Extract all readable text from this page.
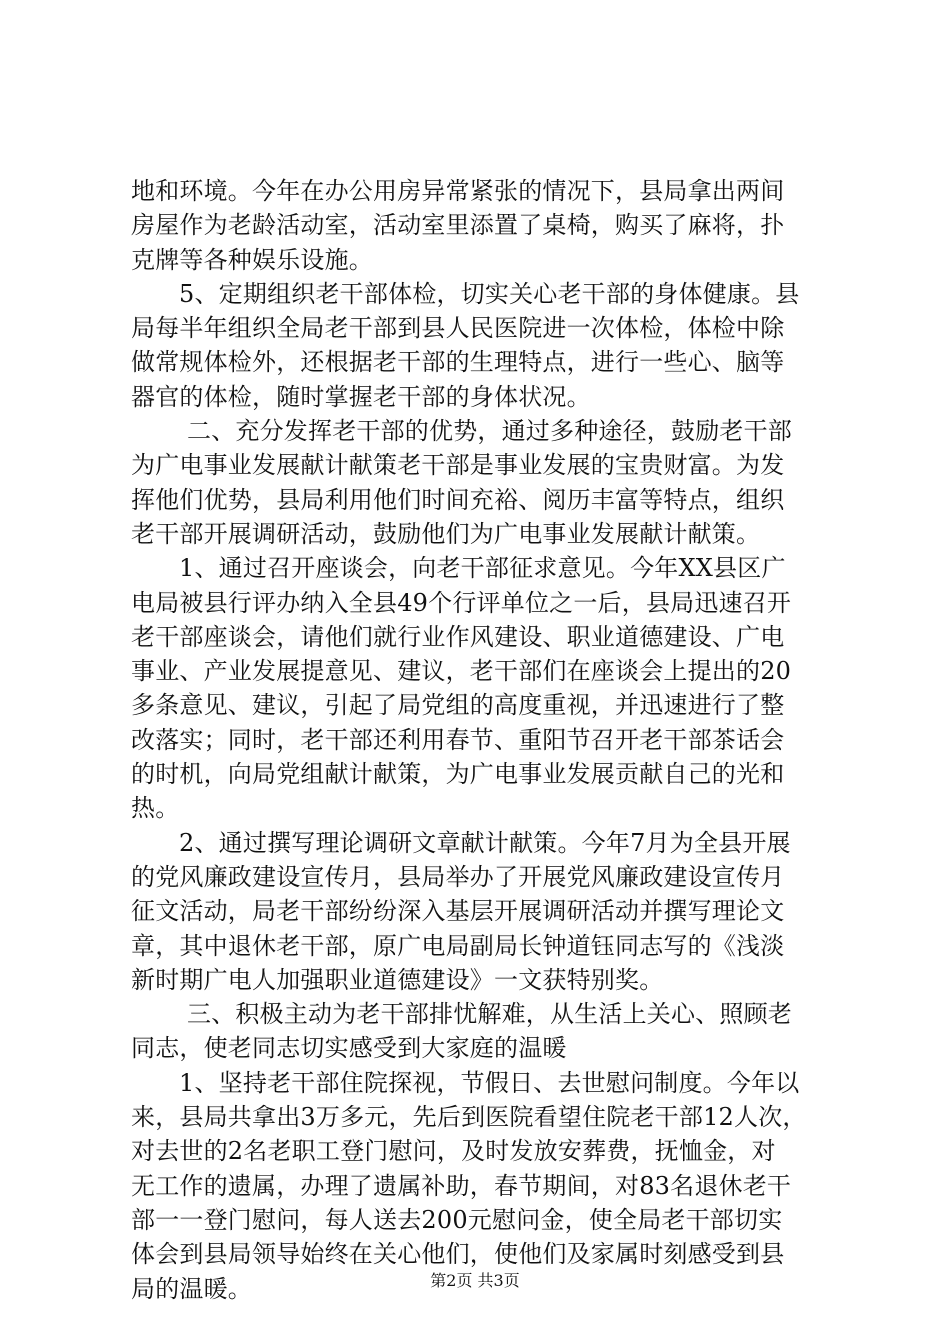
地和环境。今年在办公用房异常紧张的情况下，县局拿出两间
房屋作为老龄活动室，活动室里添置了桌椅，购买了麻将，扑
克牌等各种娱乐设施。
5、定期组织老干部体检，切实关心老干部的身体健康。县
局每半年组织全局老干部到县人民医院进一次体检，体检中除
做常规体检外，还根据老干部的生理特点，进行一些心、脑等
器官的体检，随时掌握老干部的身体状况。
二、充分发挥老干部的优势，通过多种途径，鼓励老干部
为广电事业发展献计献策老干部是事业发展的宝贵财富。为发
挥他们优势，县局利用他们时间充裕、阅历丰富等特点，组织
老干部开展调研活动，鼓励他们为广电事业发展献计献策。
1、通过召开座谈会，向老干部征求意见。今年XX县区广
电局被县行评办纳入全县49个行评单位之一后，县局迅速召开
老干部座谈会，请他们就行业作风建设、职业道德建设、广电
事业、产业发展提意见、建议，老干部们在座谈会上提出的20
多条意见、建议，引起了局党组的高度重视，并迅速进行了整
改落实；同时，老干部还利用春节、重阳节召开老干部茶话会
的时机，向局党组献计献策，为广电事业发展贡献自己的光和
热。
2、通过撰写理论调研文章献计献策。今年7月为全县开展
的党风廉政建设宣传月，县局举办了开展党风廉政建设宣传月
征文活动，局老干部纷纷深入基层开展调研活动并撰写理论文
章，其中退休老干部，原广电局副局长钟道钰同志写的《浅淡
新时期广电人加强职业道德建设》一文获特别奖。
三、积极主动为老干部排忧解难，从生活上关心、照顾老
同志，使老同志切实感受到大家庭的温暖
1、坚持老干部住院探视，节假日、去世慰问制度。今年以
来，县局共拿出3万多元，先后到医院看望住院老干部12人次，
对去世的2名老职工登门慰问，及时发放安葬费，抚恤金，对
无工作的遗属，办理了遗属补助，春节期间，对83名退休老干
部一一登门慰问，每人送去200元慰问金，使全局老干部切实
体会到县局领导始终在关心他们，使他们及家属时刻感受到县
局的温暖。	第2页 共3页
